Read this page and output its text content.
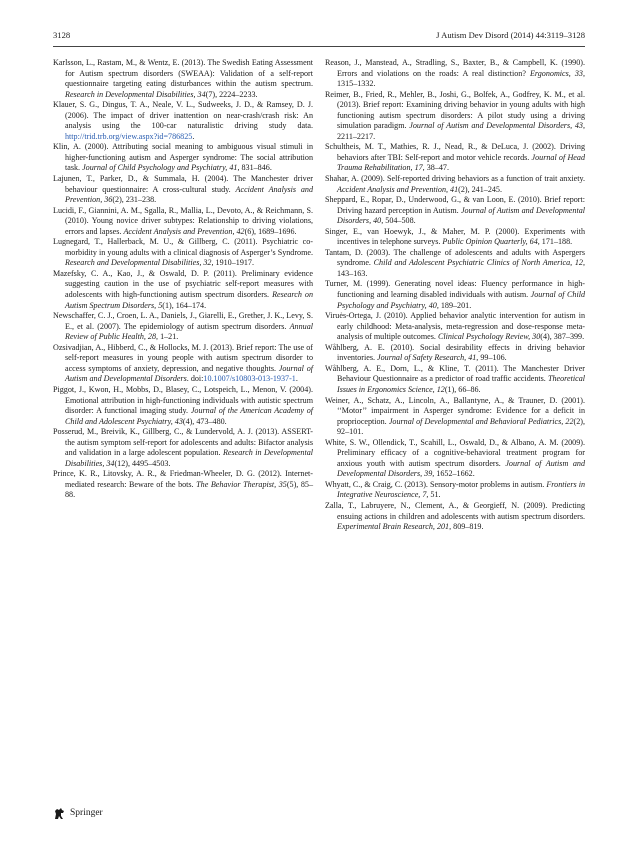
3128	J Autism Dev Disord (2014) 44:3119–3128

Karlsson, L., Rastam, M., & Wentz, E. (2013). The Swedish Eating Assessment for Autism spectrum disorders (SWEAA): Validation of a self-report questionnaire targeting eating disturbances within the autism spectrum. Research in Developmental Disabilities, 34(7), 2224–2233.

Klauer, S. G., Dingus, T. A., Neale, V. L., Sudweeks, J. D., & Ramsey, D. J. (2006). The impact of driver inattention on near-crash/crash risk: An analysis using the 100-car naturalistic driving study data. http://trid.trb.org/view.aspx?id=786825.

Klin, A. (2000). Attributing social meaning to ambiguous visual stimuli in higher-functioning autism and Asperger syndrome: The social attribution task. Journal of Child Psychology and Psychiatry, 41, 831–846.

Lajunen, T., Parker, D., & Summala, H. (2004). The Manchester driver behaviour questionnaire: A cross-cultural study. Accident Analysis and Prevention, 36(2), 231–238.

Lucidi, F., Giannini, A. M., Sgalla, R., Mallia, L., Devoto, A., & Reichmann, S. (2010). Young novice driver subtypes: Relationship to driving violations, errors and lapses. Accident Analysis and Prevention, 42(6), 1689–1696.

Lugnegard, T., Hallerback, M. U., & Gillberg, C. (2011). Psychiatric co-morbidity in young adults with a clinical diagnosis of Asperger’s Syndrome. Research and Developmental Disabilities, 32, 1910–1917.

Mazefsky, C. A., Kao, J., & Oswald, D. P. (2011). Preliminary evidence suggesting caution in the use of psychiatric self-report measures with adolescents with high-functioning autism spectrum disorders. Research on Autism Spectrum Disorders, 5(1), 164–174.

Newschaffer, C. J., Croen, L. A., Daniels, J., Giarelli, E., Grether, J. K., Levy, S. E., et al. (2007). The epidemiology of autism spectrum disorders. Annual Review of Public Health, 28, 1–21.

Ozsivadjian, A., Hibberd, C., & Hollocks, M. J. (2013). Brief report: The use of self-report measures in young people with autism spectrum disorder to access symptoms of anxiety, depression, and negative thoughts. Journal of Autism and Developmental Disorders. doi:10.1007/s10803-013-1937-1.

Piggot, J., Kwon, H., Mobbs, D., Blasey, C., Lotspeich, L., Menon, V. (2004). Emotional attribution in high-functioning individuals with autistic spectrum disorder: A functional imaging study. Journal of the American Academy of Child and Adolescent Psychiatry, 43(4), 473–480.

Posserud, M., Breivik, K., Gillberg, C., & Lundervold, A. J. (2013). ASSERT-the autism symptom self-report for adolescents and adults: Bifactor analysis and validation in a large adolescent population. Research in Developmental Disabilities, 34(12), 4495–4503.

Prince, K. R., Litovsky, A. R., & Friedman-Wheeler, D. G. (2012). Internet-mediated research: Beware of the bots. The Behavior Therapist, 35(5), 85–88.

Reason, J., Manstead, A., Stradling, S., Baxter, B., & Campbell, K. (1990). Errors and violations on the roads: A real distinction? Ergonomics, 33, 1315–1332.

Reimer, B., Fried, R., Mehler, B., Joshi, G., Bolfek, A., Godfrey, K. M., et al. (2013). Brief report: Examining driving behavior in young adults with high functioning autism spectrum disorders: A pilot study using a driving simulation paradigm. Journal of Autism and Developmental Disorders, 43, 2211–2217.

Schultheis, M. T., Mathies, R. J., Nead, R., & DeLuca, J. (2002). Driving behaviors after TBI: Self-report and motor vehicle records. Journal of Head Trauma Rehabilitation, 17, 38–47.

Shahar, A. (2009). Self-reported driving behaviors as a function of trait anxiety. Accident Analysis and Prevention, 41(2), 241–245.

Sheppard, E., Ropar, D., Underwood, G., & van Loon, E. (2010). Brief report: Driving hazard perception in Autism. Journal of Autism and Developmental Disorders, 40, 504–508.

Singer, E., van Hoewyk, J., & Maher, M. P. (2000). Experiments with incentives in telephone surveys. Public Opinion Quarterly, 64, 171–188.

Tantam, D. (2003). The challenge of adolescents and adults with Aspergers syndrome. Child and Adolescent Psychiatric Clinics of North America, 12, 143–163.

Turner, M. (1999). Generating novel ideas: Fluency performance in high-functioning and learning disabled individuals with autism. Journal of Child Psychology and Psychiatry, 40, 189–201.

Viruės-Ortega, J. (2010). Applied behavior analytic intervention for autism in early childhood: Meta-analysis, meta-regression and dose-response meta-analysis of multiple outcomes. Clinical Psychology Review, 30(4), 387–399.

Wåhlberg, A. E. (2010). Social desirability effects in driving behavior inventories. Journal of Safety Research, 41, 99–106.

Wåhlberg, A. E., Dorn, L., & Kline, T. (2011). The Manchester Driver Behaviour Questionnaire as a predictor of road traffic accidents. Theoretical Issues in Ergonomics Science, 12(1), 66–86.

Weiner, A., Schatz, A., Lincoln, A., Ballantyne, A., & Trauner, D. (2001). ‘‘Motor’’ impairment in Asperger syndrome: Evidence for a deficit in proprioception. Journal of Developmental and Behavioral Pediatrics, 22(2), 92–101.

White, S. W., Ollendick, T., Scahill, L., Oswald, D., & Albano, A. M. (2009). Preliminary efficacy of a cognitive-behavioral treatment program for anxious youth with autism spectrum disorders. Journal of Autism and Developmental Disorders, 39, 1652–1662.

Whyatt, C., & Craig, C. (2013). Sensory-motor problems in autism. Frontiers in Integrative Neuroscience, 7, 51.

Zalla, T., Labruyere, N., Clement, A., & Georgieff, N. (2009). Predicting ensuing actions in children and adolescents with autism spectrum disorders. Experimental Brain Research, 201, 809–819.

Springer
